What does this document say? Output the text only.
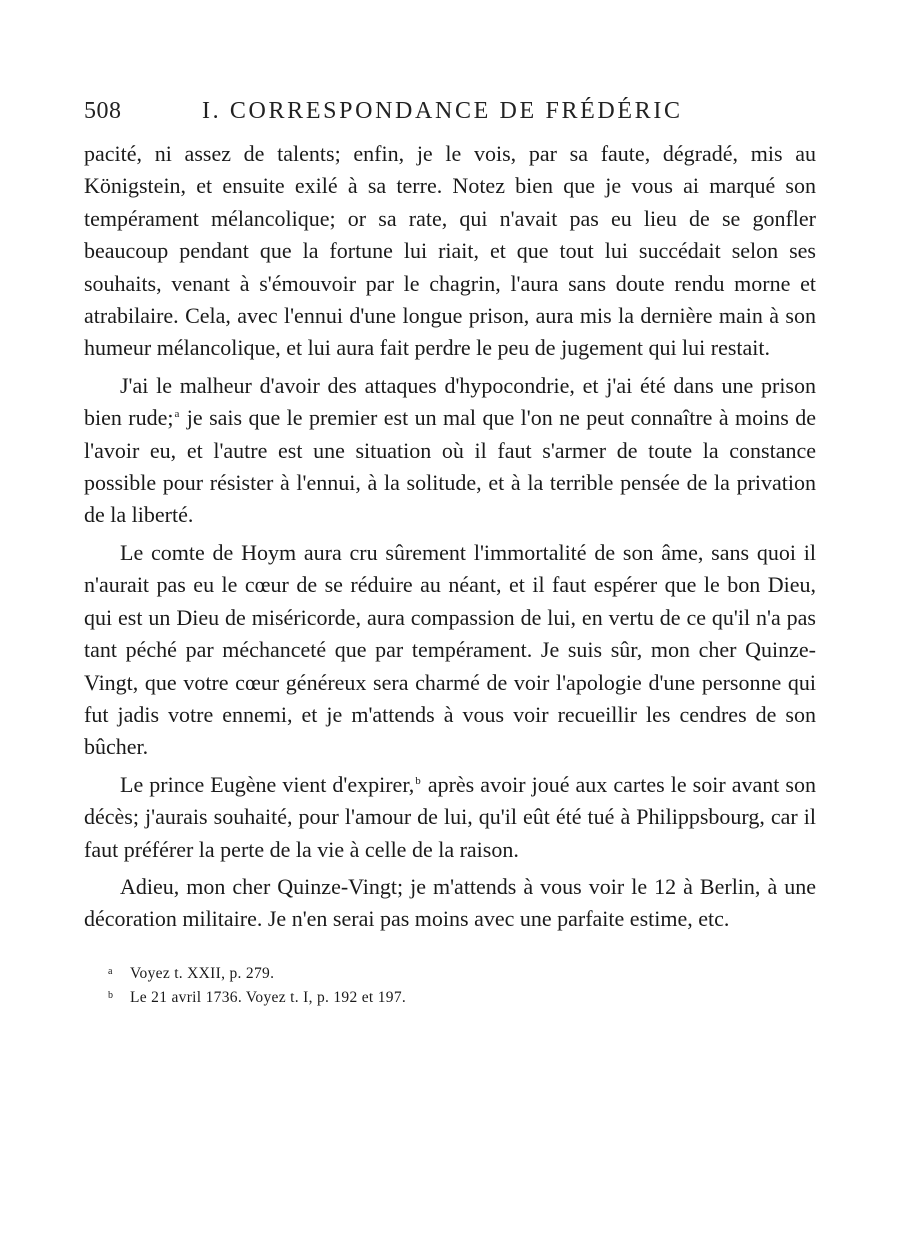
508	I. CORRESPONDANCE DE FRÉDÉRIC

pacité, ni assez de talents; enfin, je le vois, par sa faute, dégradé, mis au Königstein, et ensuite exilé à sa terre. Notez bien que je vous ai marqué son tempérament mélancolique; or sa rate, qui n'avait pas eu lieu de se gonfler beaucoup pendant que la fortune lui riait, et que tout lui succédait selon ses souhaits, venant à s'émouvoir par le chagrin, l'aura sans doute rendu morne et atrabilaire. Cela, avec l'ennui d'une longue prison, aura mis la dernière main à son humeur mélancolique, et lui aura fait perdre le peu de jugement qui lui restait.

J'ai le malheur d'avoir des attaques d'hypocondrie, et j'ai été dans une prison bien rude;$^a$ je sais que le premier est un mal que l'on ne peut connaître à moins de l'avoir eu, et l'autre est une situation où il faut s'armer de toute la constance possible pour résister à l'ennui, à la solitude, et à la terrible pensée de la privation de la liberté.

Le comte de Hoym aura cru sûrement l'immortalité de son âme, sans quoi il n'aurait pas eu le cœur de se réduire au néant, et il faut espérer que le bon Dieu, qui est un Dieu de miséricorde, aura compassion de lui, en vertu de ce qu'il n'a pas tant péché par méchanceté que par tempérament. Je suis sûr, mon cher Quinze-Vingt, que votre cœur généreux sera charmé de voir l'apologie d'une personne qui fut jadis votre ennemi, et je m'attends à vous voir recueillir les cendres de son bûcher.

Le prince Eugène vient d'expirer,$^b$ après avoir joué aux cartes le soir avant son décès; j'aurais souhaité, pour l'amour de lui, qu'il eût été tué à Philippsbourg, car il faut préférer la perte de la vie à celle de la raison.

Adieu, mon cher Quinze-Vingt; je m'attends à vous voir le 12 à Berlin, à une décoration militaire. Je n'en serai pas moins avec une parfaite estime, etc.

a	Voyez t. XXII, p. 279.
b	Le 21 avril 1736. Voyez t. I, p. 192 et 197.
